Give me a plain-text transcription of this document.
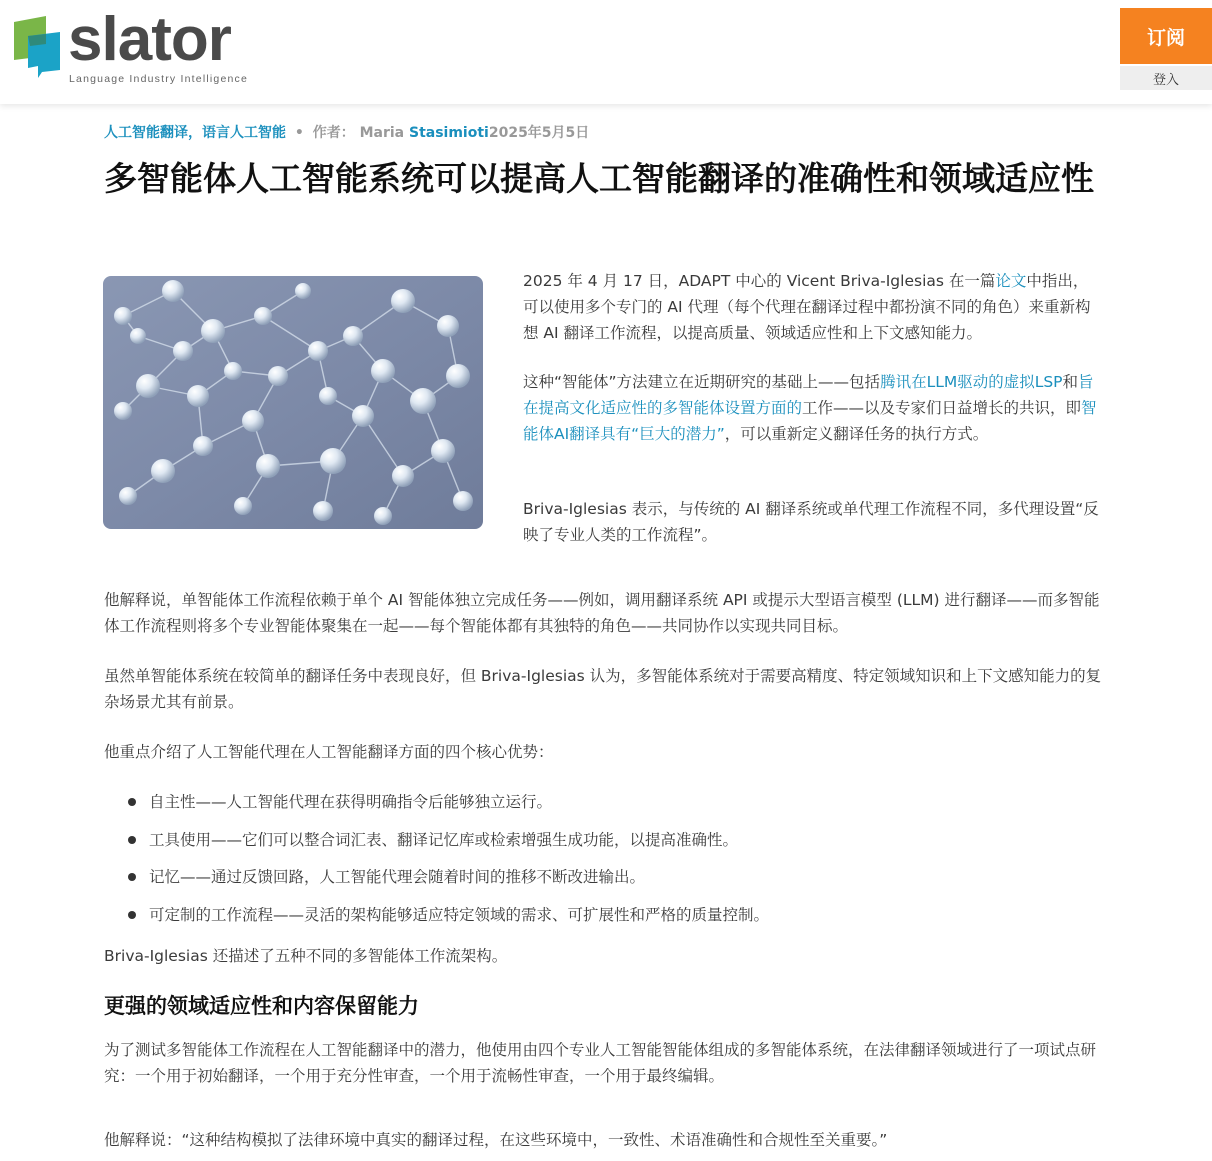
slator
Language Industry Intelligence
订阅
登入
人工智能翻译，语言人工智能 • 作者： Maria Stasimioti2025年5月5日
多智能体人工智能系统可以提高人工智能翻译的准确性和领域适应性

2025 年 4 月 17 日，ADAPT 中心的 Vicent Briva-Iglesias 在一篇论文中指出，可以使用多个专门的 AI 代理（每个代理在翻译过程中都扮演不同的角色）来重新构想 AI 翻译工作流程，以提高质量、领域适应性和上下文感知能力。

这种“智能体”方法建立在近期研究的基础上——包括腾讯在LLM驱动的虚拟LSP和旨在提高文化适应性的多智能体设置方面的工作——以及专家们日益增长的共识，即智能体AI翻译具有“巨大的潜力”，可以重新定义翻译任务的执行方式。

Briva-Iglesias 表示，与传统的 AI 翻译系统或单代理工作流程不同，多代理设置“反映了专业人类的工作流程”。

他解释说，单智能体工作流程依赖于单个 AI 智能体独立完成任务——例如，调用翻译系统 API 或提示大型语言模型 (LLM) 进行翻译——而多智能体工作流程则将多个专业智能体聚集在一起——每个智能体都有其独特的角色——共同协作以实现共同目标。

虽然单智能体系统在较简单的翻译任务中表现良好，但 Briva-Iglesias 认为，多智能体系统对于需要高精度、特定领域知识和上下文感知能力的复杂场景尤其有前景。

他重点介绍了人工智能代理在人工智能翻译方面的四个核心优势：

自主性——人工智能代理在获得明确指令后能够独立运行。
工具使用——它们可以整合词汇表、翻译记忆库或检索增强生成功能，以提高准确性。
记忆——通过反馈回路，人工智能代理会随着时间的推移不断改进输出。
可定制的工作流程——灵活的架构能够适应特定领域的需求、可扩展性和严格的质量控制。

Briva-Iglesias 还描述了五种不同的多智能体工作流架构。

更强的领域适应性和内容保留能力

为了测试多智能体工作流程在人工智能翻译中的潜力，他使用由四个专业人工智能智能体组成的多智能体系统，在法律翻译领域进行了一项试点研究：一个用于初始翻译，一个用于充分性审查，一个用于流畅性审查，一个用于最终编辑。

他解释说：“这种结构模拟了法律环境中真实的翻译过程，在这些环境中，一致性、术语准确性和合规性至关重要。”
